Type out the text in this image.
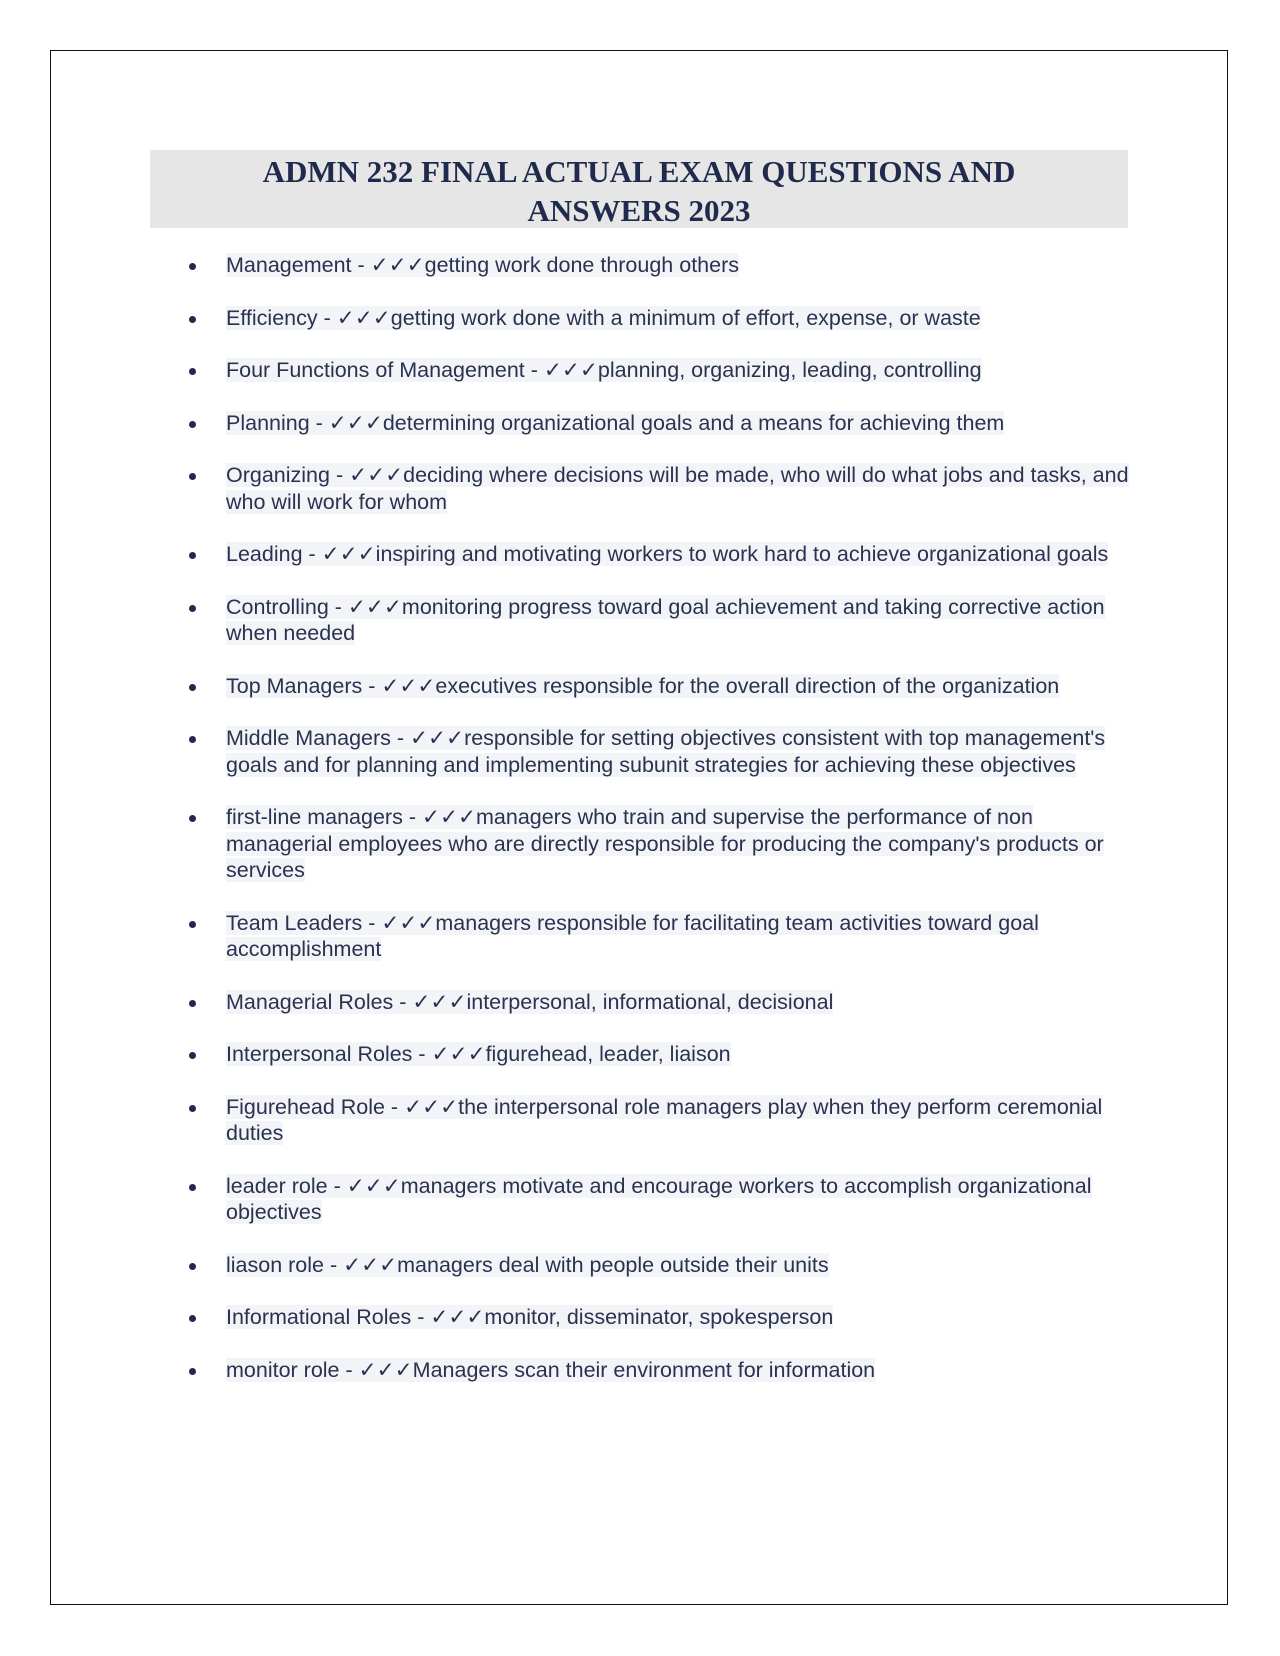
ADMN 232 FINAL ACTUAL EXAM QUESTIONS AND
ANSWERS 2023
Management - ✓✓✓getting work done through others
Efficiency - ✓✓✓getting work done with a minimum of effort, expense, or waste
Four Functions of Management - ✓✓✓planning, organizing, leading, controlling
Planning - ✓✓✓determining organizational goals and a means for achieving them
Organizing - ✓✓✓deciding where decisions will be made, who will do what jobs and tasks, and who will work for whom
Leading - ✓✓✓inspiring and motivating workers to work hard to achieve organizational goals
Controlling - ✓✓✓monitoring progress toward goal achievement and taking corrective action when needed
Top Managers - ✓✓✓executives responsible for the overall direction of the organization
Middle Managers - ✓✓✓responsible for setting objectives consistent with top management's goals and for planning and implementing subunit strategies for achieving these objectives
first-line managers - ✓✓✓managers who train and supervise the performance of non managerial employees who are directly responsible for producing the company's products or services
Team Leaders - ✓✓✓managers responsible for facilitating team activities toward goal accomplishment
Managerial Roles - ✓✓✓interpersonal, informational, decisional
Interpersonal Roles - ✓✓✓figurehead, leader, liaison
Figurehead Role - ✓✓✓the interpersonal role managers play when they perform ceremonial duties
leader role - ✓✓✓managers motivate and encourage workers to accomplish organizational objectives
liason role - ✓✓✓managers deal with people outside their units
Informational Roles - ✓✓✓monitor, disseminator, spokesperson
monitor role - ✓✓✓Managers scan their environment for information
